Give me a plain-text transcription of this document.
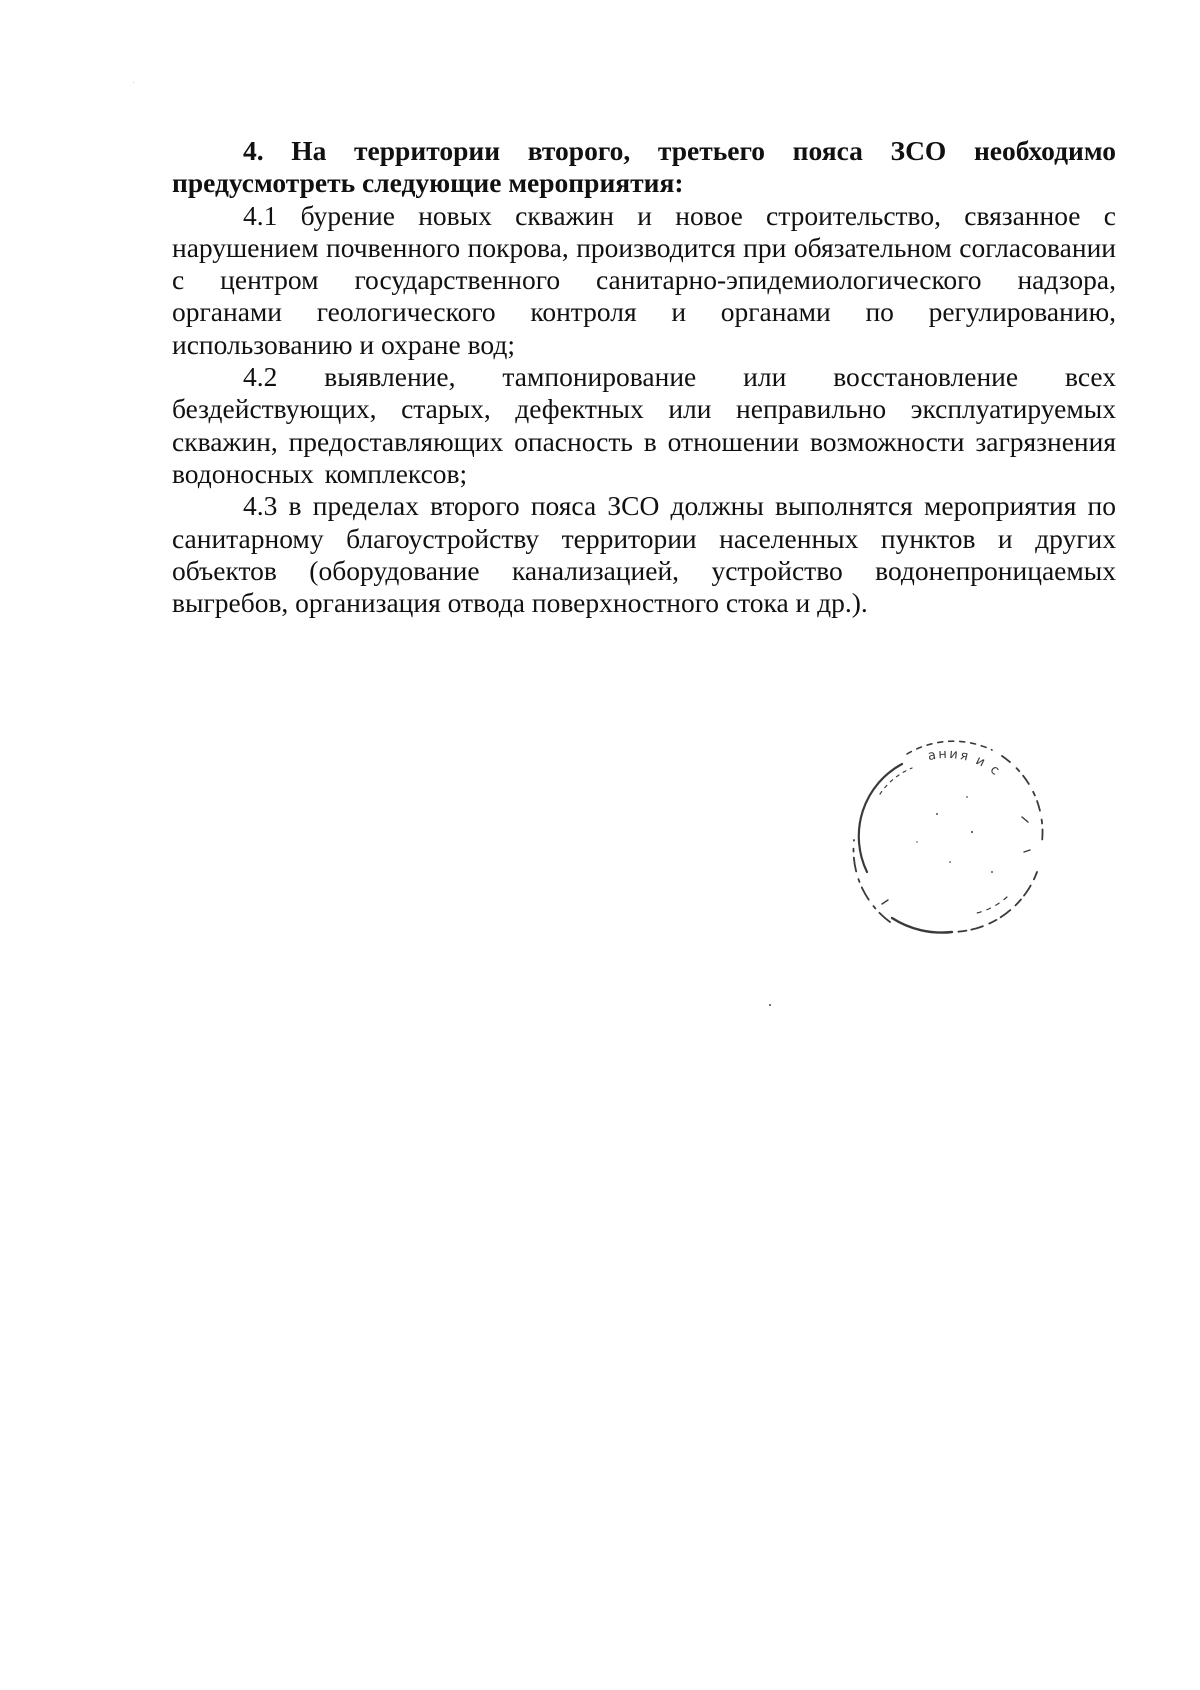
4. На территории второго, третьего пояса ЗСО необходимо предусмотреть следующие мероприятия:

4.1 бурение новых скважин и новое строительство, связанное с нарушением почвенного покрова, производится при обязательном согласовании с центром государственного санитарно-эпидемиологического надзора, органами геологического контроля и органами по регулированию, использованию и охране вод;

4.2 выявление, тампонирование или восстановление всех бездействующих, старых, дефектных или неправильно эксплуатируемых скважин, предоставляющих опасность в отношении возможности загрязнения водоносных комплексов;

4.3 в пределах второго пояса ЗСО должны выполнятся мероприятия по санитарному благоустройству территории населенных пунктов и других объектов (оборудование канализацией, устройство водонепроницаемых выгребов, организация отвода поверхностного стока и др.).

ания и с
